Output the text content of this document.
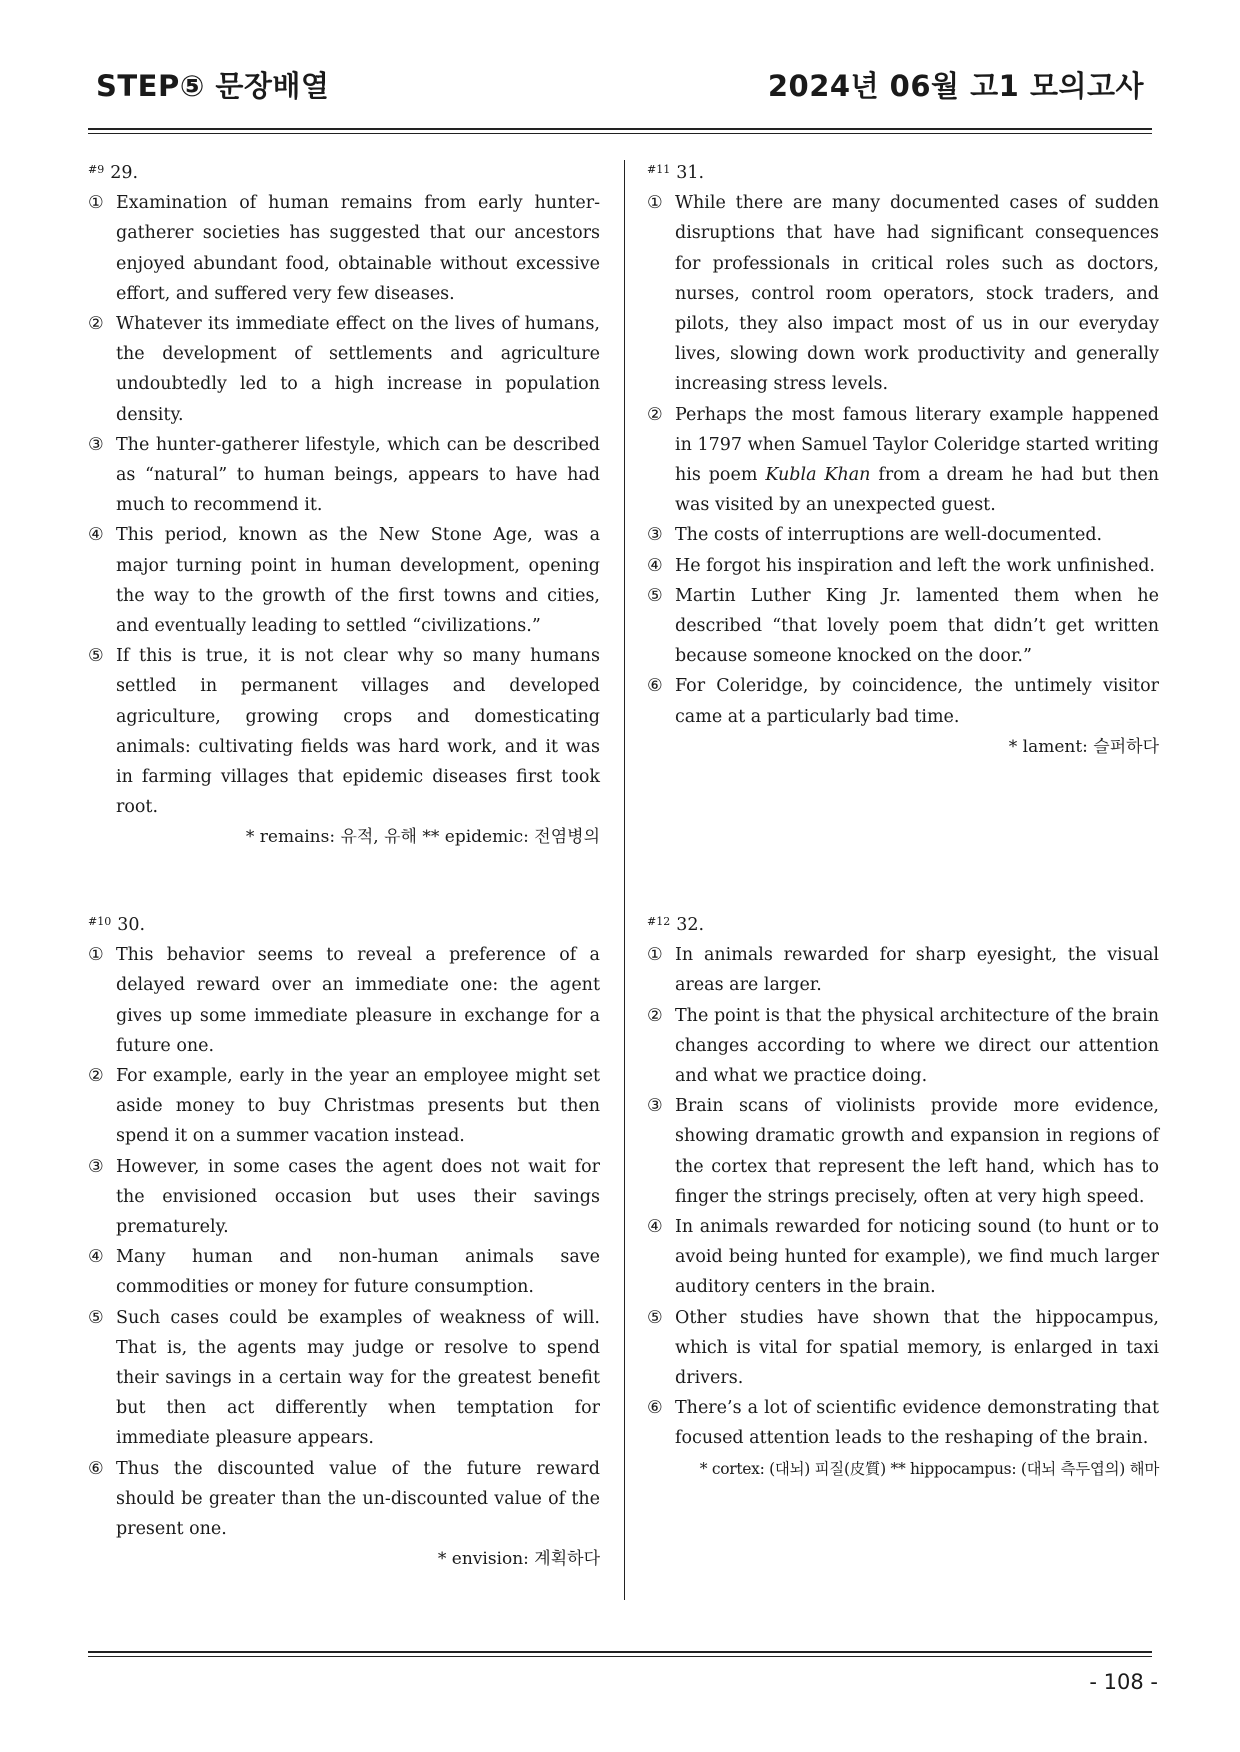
STEP⑤ 문장배열	2024년 06월 고1 모의고사
$^{\#9}$ 29.
① Examination of human remains from early hunter-gatherer societies has suggested that our ancestors enjoyed abundant food, obtainable without excessive effort, and suffered very few diseases.
② Whatever its immediate effect on the lives of humans, the development of settlements and agriculture undoubtedly led to a high increase in population density.
③ The hunter-gatherer lifestyle, which can be described as “natural” to human beings, appears to have had much to recommend it.
④ This period, known as the New Stone Age, was a major turning point in human development, opening the way to the growth of the first towns and cities, and eventually leading to settled “civilizations.”
⑤ If this is true, it is not clear why so many humans settled in permanent villages and developed agriculture, growing crops and domesticating animals: cultivating fields was hard work, and it was in farming villages that epidemic diseases first took root.
* remains: 유적, 유해 ** epidemic: 전염병의
$^{\#11}$ 31.
① While there are many documented cases of sudden disruptions that have had significant consequences for professionals in critical roles such as doctors, nurses, control room operators, stock traders, and pilots, they also impact most of us in our everyday lives, slowing down work productivity and generally increasing stress levels.
② Perhaps the most famous literary example happened in 1797 when Samuel Taylor Coleridge started writing his poem Kubla Khan from a dream he had but then was visited by an unexpected guest.
③ The costs of interruptions are well-documented.
④ He forgot his inspiration and left the work unfinished.
⑤ Martin Luther King Jr. lamented them when he described “that lovely poem that didn’t get written because someone knocked on the door.”
⑥ For Coleridge, by coincidence, the untimely visitor came at a particularly bad time.
* lament: 슬퍼하다
$^{\#10}$ 30.
① This behavior seems to reveal a preference of a delayed reward over an immediate one: the agent gives up some immediate pleasure in exchange for a future one.
② For example, early in the year an employee might set aside money to buy Christmas presents but then spend it on a summer vacation instead.
③ However, in some cases the agent does not wait for the envisioned occasion but uses their savings prematurely.
④ Many human and non-human animals save commodities or money for future consumption.
⑤ Such cases could be examples of weakness of will. That is, the agents may judge or resolve to spend their savings in a certain way for the greatest benefit but then act differently when temptation for immediate pleasure appears.
⑥ Thus the discounted value of the future reward should be greater than the un-discounted value of the present one.
* envision: 계획하다
$^{\#12}$ 32.
① In animals rewarded for sharp eyesight, the visual areas are larger.
② The point is that the physical architecture of the brain changes according to where we direct our attention and what we practice doing.
③ Brain scans of violinists provide more evidence, showing dramatic growth and expansion in regions of the cortex that represent the left hand, which has to finger the strings precisely, often at very high speed.
④ In animals rewarded for noticing sound (to hunt or to avoid being hunted for example), we find much larger auditory centers in the brain.
⑤ Other studies have shown that the hippocampus, which is vital for spatial memory, is enlarged in taxi drivers.
⑥ There’s a lot of scientific evidence demonstrating that focused attention leads to the reshaping of the brain.
* cortex: (대뇌) 피질(皮質) ** hippocampus: (대뇌 측두엽의) 해마
- 108 -
